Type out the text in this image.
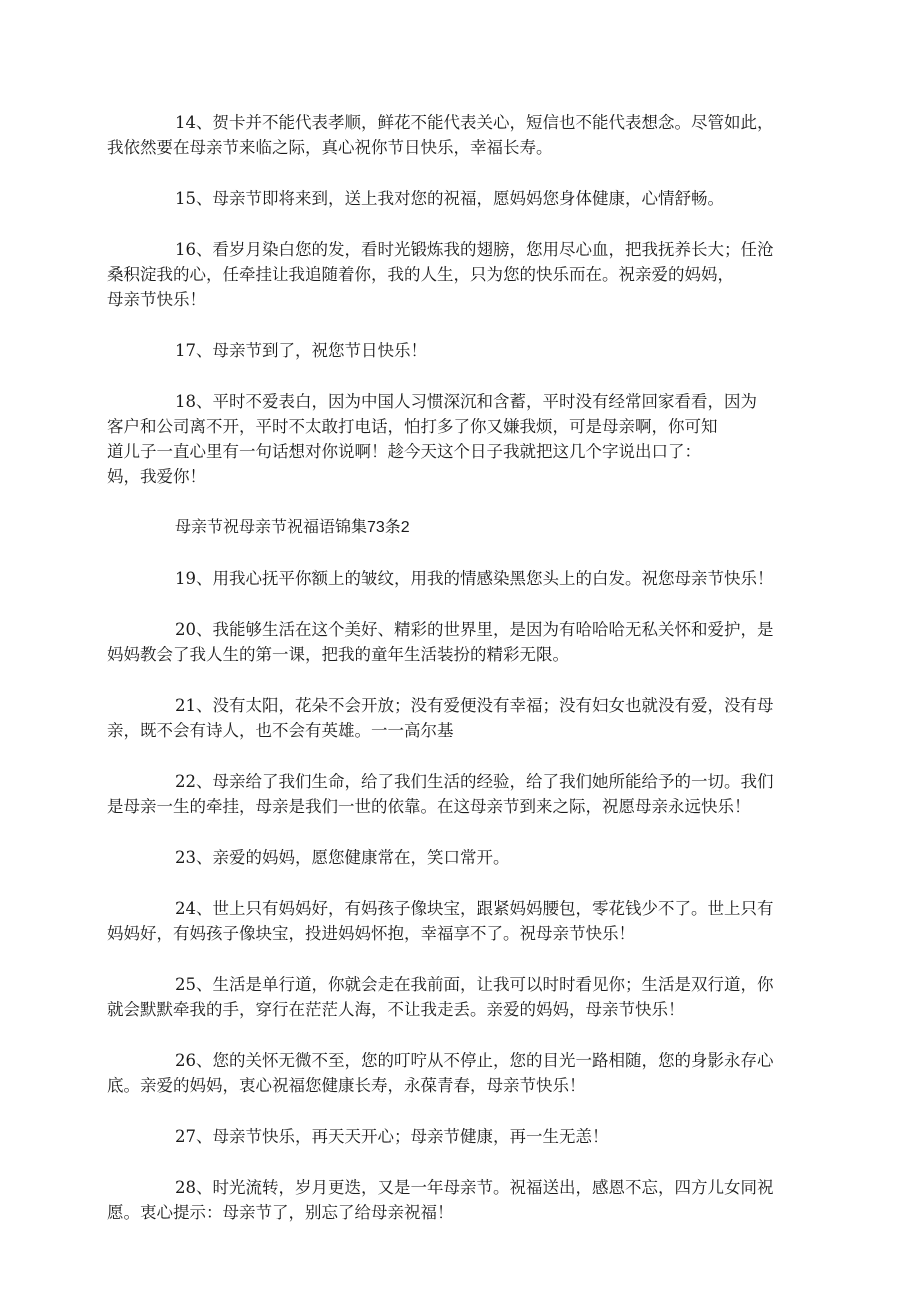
14、贺卡并不能代表孝顺，鲜花不能代表关心，短信也不能代表想念。尽管如此，
我依然要在母亲节来临之际，真心祝你节日快乐，幸福长寿。
15、母亲节即将来到，送上我对您的祝福，愿妈妈您身体健康，心情舒畅。
16、看岁月染白您的发，看时光锻炼我的翅膀，您用尽心血，把我抚养长大；任沧
桑积淀我的心，任牵挂让我追随着你，我的人生，只为您的快乐而在。祝亲爱的妈妈，
母亲节快乐！
17、母亲节到了，祝您节日快乐！
18、平时不爱表白，因为中国人习惯深沉和含蓄，平时没有经常回家看看，因为
客户和公司离不开，平时不太敢打电话，怕打多了你又嫌我烦，可是母亲啊，你可知
道儿子一直心里有一句话想对你说啊！趁今天这个日子我就把这几个字说出口了：
妈，我爱你！
母亲节祝母亲节祝福语锦集73条2
19、用我心抚平你额上的皱纹，用我的情感染黑您头上的白发。祝您母亲节快乐！
20、我能够生活在这个美好、精彩的世界里，是因为有哈哈哈无私关怀和爱护，是
妈妈教会了我人生的第一课，把我的童年生活装扮的精彩无限。
21、没有太阳，花朵不会开放；没有爱便没有幸福；没有妇女也就没有爱，没有母
亲，既不会有诗人，也不会有英雄。一一高尔基
22、母亲给了我们生命，给了我们生活的经验，给了我们她所能给予的一切。我们
是母亲一生的牵挂，母亲是我们一世的依靠。在这母亲节到来之际，祝愿母亲永远快乐！
23、亲爱的妈妈，愿您健康常在，笑口常开。
24、世上只有妈妈好，有妈孩子像块宝，跟紧妈妈腰包，零花钱少不了。世上只有
妈妈好，有妈孩子像块宝，投进妈妈怀抱，幸福享不了。祝母亲节快乐！
25、生活是单行道，你就会走在我前面，让我可以时时看见你；生活是双行道，你
就会默默牵我的手，穿行在茫茫人海，不让我走丢。亲爱的妈妈，母亲节快乐！
26、您的关怀无微不至，您的叮咛从不停止，您的目光一路相随，您的身影永存心
底。亲爱的妈妈，衷心祝福您健康长寿，永葆青春，母亲节快乐！
27、母亲节快乐，再天天开心；母亲节健康，再一生无恙！
28、时光流转，岁月更迭，又是一年母亲节。祝福送出，感恩不忘，四方儿女同祝
愿。衷心提示：母亲节了，别忘了给母亲祝福！
